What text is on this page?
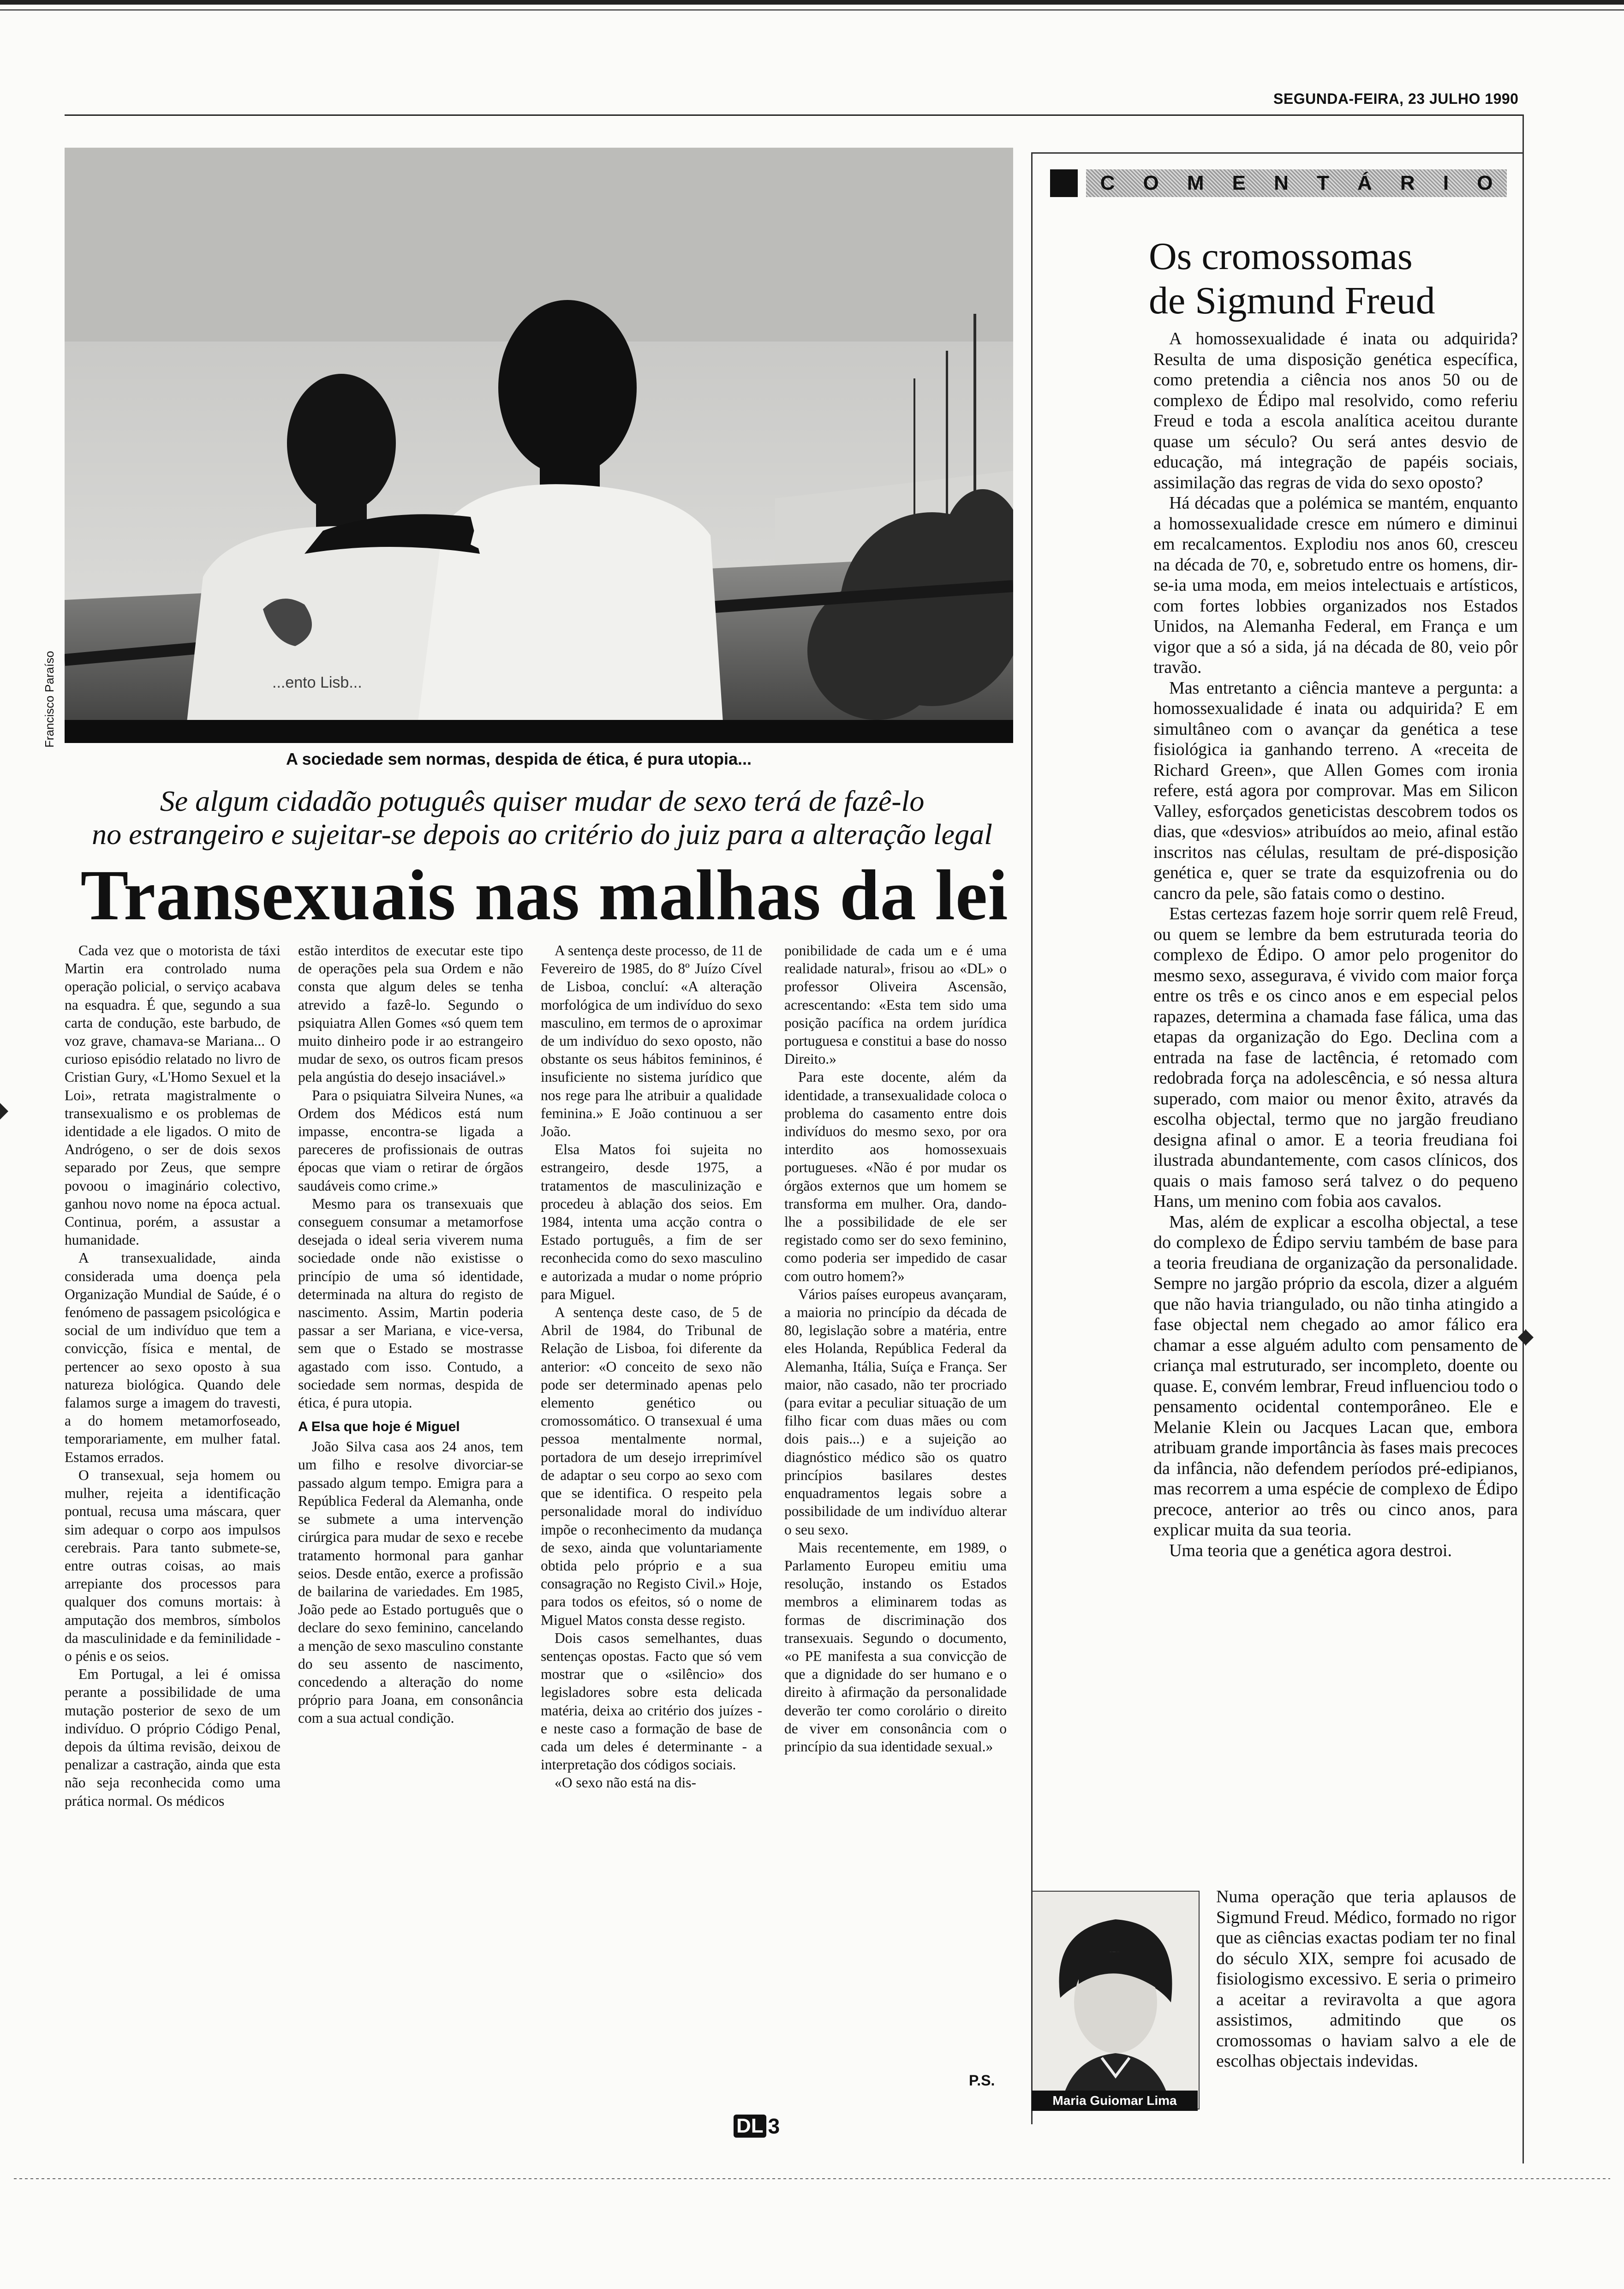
SEGUNDA-FEIRA, 23 JULHO 1990
...ento Lisb...
Francisco Paraíso
A sociedade sem normas, despida de ética, é pura utopia...
Se algum cidadão potuguês quiser mudar de sexo terá de fazê-lo
no estrangeiro e sujeitar-se depois ao critério do juiz para a alteração legal
Transexuais nas malhas da lei

Cada vez que o motorista de táxi Martin era controlado numa operação policial, o serviço acabava na esquadra. É que, segundo a sua carta de condução, este barbudo, de voz grave, chamava-se Mariana... O curioso episódio relatado no livro de Cristian Gury, «L'Homo Sexuel et la Loi», retrata magistralmente o transexualismo e os problemas de identidade a ele ligados. O mito de Andrógeno, o ser de dois sexos separado por Zeus, que sempre povoou o imaginário colectivo, ganhou novo nome na época actual. Continua, porém, a assustar a humanidade.

A transexualidade, ainda considerada uma doença pela Organização Mundial de Saúde, é o fenómeno de passagem psicológica e social de um indivíduo que tem a convicção, física e mental, de pertencer ao sexo oposto à sua natureza biológica. Quando dele falamos surge a imagem do travesti, a do homem metamorfoseado, temporariamente, em mulher fatal. Estamos errados.

O transexual, seja homem ou mulher, rejeita a identificação pontual, recusa uma máscara, quer sim adequar o corpo aos impulsos cerebrais. Para tanto submete-se, entre outras coisas, ao mais arrepiante dos processos para qualquer dos comuns mortais: à amputação dos membros, símbolos da masculinidade e da feminilidade - o pénis e os seios.

Em Portugal, a lei é omissa perante a possibilidade de uma mutação posterior de sexo de um indivíduo. O próprio Código Penal, depois da última revisão, deixou de penalizar a castração, ainda que esta não seja reconhecida como uma prática normal. Os médicos

estão interditos de executar este tipo de operações pela sua Ordem e não consta que algum deles se tenha atrevido a fazê-lo. Segundo o psiquiatra Allen Gomes «só quem tem muito dinheiro pode ir ao estrangeiro mudar de sexo, os outros ficam presos pela angústia do desejo insaciável.»

Para o psiquiatra Silveira Nunes, «a Ordem dos Médicos está num impasse, encontra-se ligada a pareceres de profissionais de outras épocas que viam o retirar de órgãos saudáveis como crime.»

Mesmo para os transexuais que conseguem consumar a metamorfose desejada o ideal seria viverem numa sociedade onde não existisse o princípio de uma só identidade, determinada na altura do registo de nascimento. Assim, Martin poderia passar a ser Mariana, e vice-versa, sem que o Estado se mostrasse agastado com isso. Contudo, a sociedade sem normas, despida de ética, é pura utopia.

A Elsa que hoje é Miguel

João Silva casa aos 24 anos, tem um filho e resolve divorciar-se passado algum tempo. Emigra para a República Federal da Alemanha, onde se submete a uma intervenção cirúrgica para mudar de sexo e recebe tratamento hormonal para ganhar seios. Desde então, exerce a profissão de bailarina de variedades. Em 1985, João pede ao Estado português que o declare do sexo feminino, cancelando a menção de sexo masculino constante do seu assento de nascimento, concedendo a alteração do nome próprio para Joana, em consonância com a sua actual condição.

A sentença deste processo, de 11 de Fevereiro de 1985, do 8º Juízo Cível de Lisboa, concluí: «A alteração morfológica de um indivíduo do sexo masculino, em termos de o aproximar de um indivíduo do sexo oposto, não obstante os seus hábitos femininos, é insuficiente no sistema jurídico que nos rege para lhe atribuir a qualidade feminina.» E João continuou a ser João.

Elsa Matos foi sujeita no estrangeiro, desde 1975, a tratamentos de masculinização e procedeu à ablação dos seios. Em 1984, intenta uma acção contra o Estado português, a fim de ser reconhecida como do sexo masculino e autorizada a mudar o nome próprio para Miguel.

A sentença deste caso, de 5 de Abril de 1984, do Tribunal de Relação de Lisboa, foi diferente da anterior: «O conceito de sexo não pode ser determinado apenas pelo elemento genético ou cromossomático. O transexual é uma pessoa mentalmente normal, portadora de um desejo irreprimível de adaptar o seu corpo ao sexo com que se identifica. O respeito pela personalidade moral do indivíduo impõe o reconhecimento da mudança de sexo, ainda que voluntariamente obtida pelo próprio e a sua consagração no Registo Civil.» Hoje, para todos os efeitos, só o nome de Miguel Matos consta desse registo.

Dois casos semelhantes, duas sentenças opostas. Facto que só vem mostrar que o «silêncio» dos legisladores sobre esta delicada matéria, deixa ao critério dos juízes - e neste caso a formação de base de cada um deles é determinante - a interpretação dos códigos sociais.

«O sexo não está na dis-

ponibilidade de cada um e é uma realidade natural», frisou ao «DL» o professor Oliveira Ascensão, acrescentando: «Esta tem sido uma posição pacífica na ordem jurídica portuguesa e constitui a base do nosso Direito.»

Para este docente, além da identidade, a transexualidade coloca o problema do casamento entre dois indivíduos do mesmo sexo, por ora interdito aos homossexuais portugueses. «Não é por mudar os órgãos externos que um homem se transforma em mulher. Ora, dando-lhe a possibilidade de ele ser registado como ser do sexo feminino, como poderia ser impedido de casar com outro homem?»

Vários países europeus avançaram, a maioria no princípio da década de 80, legislação sobre a matéria, entre eles Holanda, República Federal da Alemanha, Itália, Suíça e França. Ser maior, não casado, não ter procriado (para evitar a peculiar situação de um filho ficar com duas mães ou com dois pais...) e a sujeição ao diagnóstico médico são os quatro princípios basilares destes enquadramentos legais sobre a possibilidade de um indivíduo alterar o seu sexo.

Mais recentemente, em 1989, o Parlamento Europeu emitiu uma resolução, instando os Estados membros a eliminarem todas as formas de discriminação dos transexuais. Segundo o documento, «o PE manifesta a sua convicção de que a dignidade do ser humano e o direito à afirmação da personalidade deverão ter como corolário o direito de viver em consonância com o princípio da sua identidade sexual.»

P.S.
C O M E N T Á R I O
Os cromossomas
de Sigmund Freud

A homossexualidade é inata ou adquirida? Resulta de uma disposição genética específica, como pretendia a ciência nos anos 50 ou de complexo de Édipo mal resolvido, como referiu Freud e toda a escola analítica aceitou durante quase um século? Ou será antes desvio de educação, má integração de papéis sociais, assimilação das regras de vida do sexo oposto?

Há décadas que a polémica se mantém, enquanto a homossexualidade cresce em número e diminui em recalcamentos. Explodiu nos anos 60, cresceu na década de 70, e, sobretudo entre os homens, dir-se-ia uma moda, em meios intelectuais e artísticos, com fortes lobbies organizados nos Estados Unidos, na Alemanha Federal, em França e um vigor que a só a sida, já na década de 80, veio pôr travão.

Mas entretanto a ciência manteve a pergunta: a homossexualidade é inata ou adquirida? E em simultâneo com o avançar da genética a tese fisiológica ia ganhando terreno. A «receita de Richard Green», que Allen Gomes com ironia refere, está agora por comprovar. Mas em Silicon Valley, esforçados geneticistas descobrem todos os dias, que «desvios» atribuídos ao meio, afinal estão inscritos nas células, resultam de pré-disposição genética e, quer se trate da esquizofrenia ou do cancro da pele, são fatais como o destino.

Estas certezas fazem hoje sorrir quem relê Freud, ou quem se lembre da bem estruturada teoria do complexo de Édipo. O amor pelo progenitor do mesmo sexo, assegurava, é vivido com maior força entre os três e os cinco anos e em especial pelos rapazes, determina a chamada fase fálica, uma das etapas da organização do Ego. Declina com a entrada na fase de lactência, é retomado com redobrada força na adolescência, e só nessa altura superado, com maior ou menor êxito, através da escolha objectal, termo que no jargão freudiano designa afinal o amor. E a teoria freudiana foi ilustrada abundantemente, com casos clínicos, dos quais o mais famoso será talvez o do pequeno Hans, um menino com fobia aos cavalos.

Mas, além de explicar a escolha objectal, a tese do complexo de Édipo serviu também de base para a teoria freudiana de organização da personalidade. Sempre no jargão próprio da escola, dizer a alguém que não havia triangulado, ou não tinha atingido a fase objectal nem chegado ao amor fálico era chamar a esse alguém adulto com pensamento de criança mal estruturado, ser incompleto, doente ou quase. E, convém lembrar, Freud influenciou todo o pensamento ocidental contemporâneo. Ele e Melanie Klein ou Jacques Lacan que, embora atribuam grande importância às fases mais precoces da infância, não defendem períodos pré-edipianos, mas recorrem a uma espécie de complexo de Édipo precoce, anterior ao três ou cinco anos, para explicar muita da sua teoria.

Uma teoria que a genética agora destroi.

Maria Guiomar Lima
Numa operação que teria aplausos de Sigmund Freud. Médico, formado no rigor que as ciências exactas podiam ter no final do século XIX, sempre foi acusado de fisiologismo excessivo. E seria o primeiro a aceitar a reviravolta a que agora assistimos, admitindo que os cromossomas o haviam salvo a ele de escolhas objectais indevidas.
DL 3
